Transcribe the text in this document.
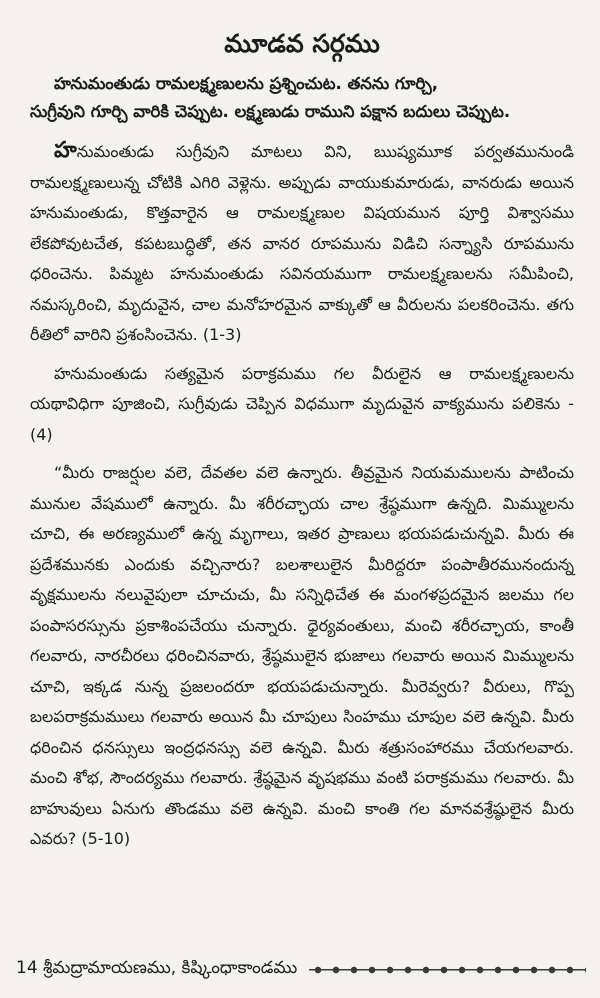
మూడవ సర్గము
హనుమంతుడు రామలక్ష్మణులను ప్రశ్నించుట. తనను గూర్చి,
సుగ్రీవుని గూర్చి వారికి చెప్పుట. లక్ష్మణుడు రాముని పక్షాన బదులు చెప్పుట.

హనుమంతుడు సుగ్రీవుని మాటలు విని, ఋష్యమూక పర్వతమునుండి రామలక్ష్మణులున్న చోటికి ఎగిరి వెళ్లెను. అప్పుడు వాయుకుమారుడు, వానరుడు అయిన హనుమంతుడు, కొత్తవారైన ఆ రామలక్ష్మణుల విషయమున పూర్తి విశ్వాసము లేకపోవుటచేత, కపటబుద్ధితో, తన వానర రూపమును విడిచి సన్న్యాసి రూపమును ధరించెను. పిమ్మట హనుమంతుడు సవినయముగా రామలక్ష్మణులను సమీపించి, నమస్కరించి, మృదువైన, చాల మనోహరమైన వాక్కుతో ఆ వీరులను పలకరించెను. తగు రీతిలో వారిని ప్రశంసించెను. (1-3)

హనుమంతుడు సత్యమైన పరాక్రమము గల వీరులైన ఆ రామలక్ష్మణులను యథావిధిగా పూజించి, సుగ్రీవుడు చెప్పిన విధముగా మృదువైన వాక్యమును పలికెను - (4)

“మీరు రాజర్షుల వలె, దేవతల వలె ఉన్నారు. తీవ్రమైన నియమములను పాటించు మునుల వేషములో ఉన్నారు. మీ శరీరచ్ఛాయ చాల శ్రేష్ఠముగా ఉన్నది. మిమ్ములను చూచి, ఈ అరణ్యములో ఉన్న మృగాలు, ఇతర ప్రాణులు భయపడుచున్నవి. మీరు ఈ ప్రదేశమునకు ఎందుకు వచ్చినారు? బలశాలులైన మీరిద్దరూ పంపాతీరమునందున్న వృక్షములను నలువైపులా చూచుచు, మీ సన్నిధిచేత ఈ మంగళప్రదమైన జలము గల పంపాసరస్సును ప్రకాశింపచేయు చున్నారు. ధైర్యవంతులు, మంచి శరీరచ్ఛాయ, కాంతీ గలవారు, నారచీరలు ధరించినవారు, శ్రేష్ఠములైన భుజాలు గలవారు అయిన మిమ్ములను చూచి, ఇక్కడ నున్న ప్రజలందరూ భయపడుచున్నారు. మీరెవ్వరు? వీరులు, గొప్ప బలపరాక్రమములు గలవారు అయిన మీ చూపులు సింహము చూపుల వలె ఉన్నవి. మీరు ధరించిన ధనస్సులు ఇంద్రధనస్సు వలె ఉన్నవి. మీరు శత్రుసంహారము చేయగలవారు. మంచి శోభ, సౌందర్యము గలవారు. శ్రేష్ఠమైన వృషభము వంటి పరాక్రమము గలవారు. మీ బాహువులు ఏనుగు తొండము వలె ఉన్నవి. మంచి కాంతి గల మానవశ్రేష్ఠులైన మీరు ఎవరు? (5-10)

14 శ్రీమద్రామాయణము, కిష్కింధాకాండము
